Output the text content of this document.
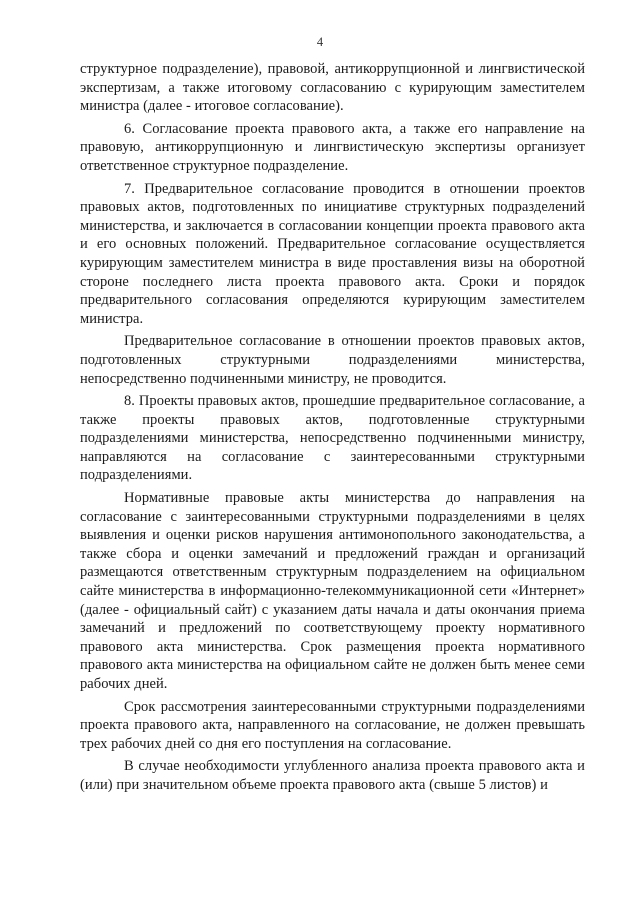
4

структурное подразделение), правовой, антикоррупционной и лингвистической экспертизам, а также итоговому согласованию с курирующим заместителем министра (далее - итоговое согласование).

6. Согласование проекта правового акта, а также его направление на правовую, антикоррупционную и лингвистическую экспертизы организует ответственное структурное подразделение.

7. Предварительное согласование проводится в отношении проектов правовых актов, подготовленных по инициативе структурных подразделений министерства, и заключается в согласовании концепции проекта правового акта и его основных положений. Предварительное согласование осуществляется курирующим заместителем министра в виде проставления визы на оборотной стороне последнего листа проекта правового акта. Сроки и порядок предварительного согласования определяются курирующим заместителем министра.

Предварительное согласование в отношении проектов правовых актов, подготовленных структурными подразделениями министерства, непосредственно подчиненными министру, не проводится.

8. Проекты правовых актов, прошедшие предварительное согласование, а также проекты правовых актов, подготовленные структурными подразделениями министерства, непосредственно подчиненными министру, направляются на согласование с заинтересованными структурными подразделениями.

Нормативные правовые акты министерства до направления на согласование с заинтересованными структурными подразделениями в целях выявления и оценки рисков нарушения антимонопольного законодательства, а также сбора и оценки замечаний и предложений граждан и организаций размещаются ответственным структурным подразделением на официальном сайте министерства в информационно-телекоммуникационной сети «Интернет» (далее - официальный сайт) с указанием даты начала и даты окончания приема замечаний и предложений по соответствующему проекту нормативного правового акта министерства. Срок размещения проекта нормативного правового акта министерства на официальном сайте не должен быть менее семи рабочих дней.

Срок рассмотрения заинтересованными структурными подразделениями проекта правового акта, направленного на согласование, не должен превышать трех рабочих дней со дня его поступления на согласование.

В случае необходимости углубленного анализа проекта правового акта и (или) при значительном объеме проекта правового акта (свыше 5 листов) и
